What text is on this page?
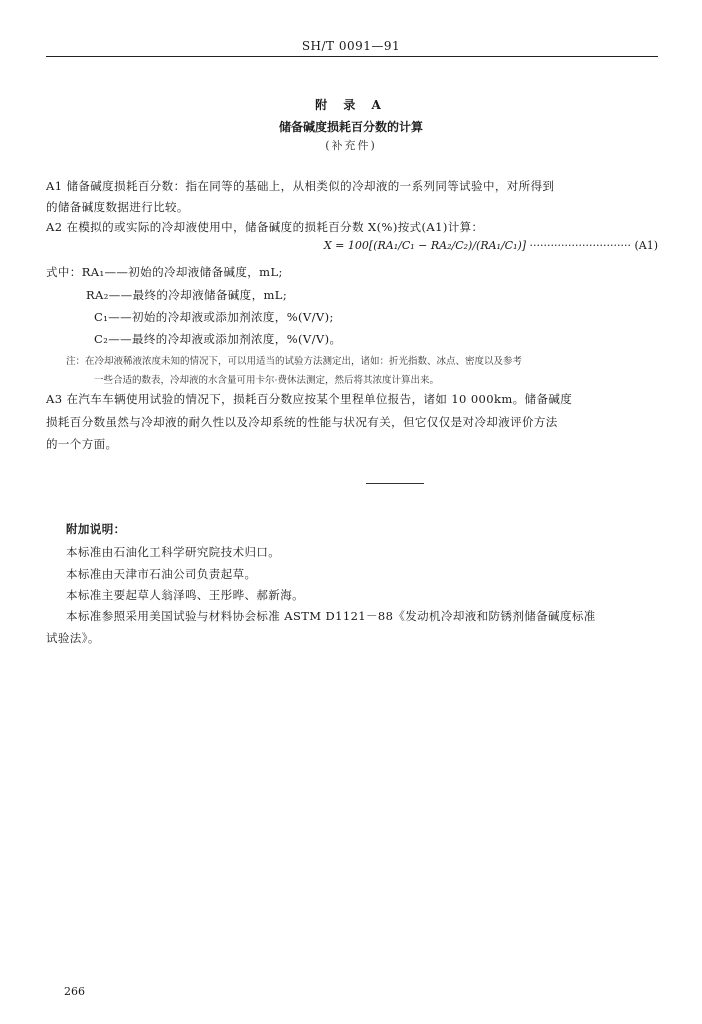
SH/T 0091—91
附 录 A
储备碱度损耗百分数的计算
(补充件)
A1 储备碱度损耗百分数：指在同等的基础上，从相类似的冷却液的一系列同等试验中，对所得到
的储备碱度数据进行比较。
A2 在模拟的或实际的冷却液使用中，储备碱度的损耗百分数 X(%)按式(A1)计算：
X = 100[(RA₁/C₁ − RA₂/C₂)/(RA₁/C₁)] ····························· (A1)
式中：RA₁——初始的冷却液储备碱度，mL;
RA₂——最终的冷却液储备碱度，mL;
C₁——初始的冷却液或添加剂浓度，%(V/V);
C₂——最终的冷却液或添加剂浓度，%(V/V)。
注：在冷却液稀液浓度未知的情况下，可以用适当的试验方法测定出，诸如：折光指数、冰点、密度以及参考
一些合适的数表，冷却液的水含量可用卡尔·费休法测定，然后将其浓度计算出来。
A3 在汽车车辆使用试验的情况下，损耗百分数应按某个里程单位报告，诸如 10 000km。储备碱度
损耗百分数虽然与冷却液的耐久性以及冷却系统的性能与状况有关，但它仅仅是对冷却液评价方法
的一个方面。
附加说明：
本标准由石油化工科学研究院技术归口。
本标准由天津市石油公司负责起草。
本标准主要起草人翁泽鸣、王彤晔、郝新海。
本标准参照采用美国试验与材料协会标准 ASTM D1121－88《发动机冷却液和防锈剂储备碱度标准
试验法》。
266
